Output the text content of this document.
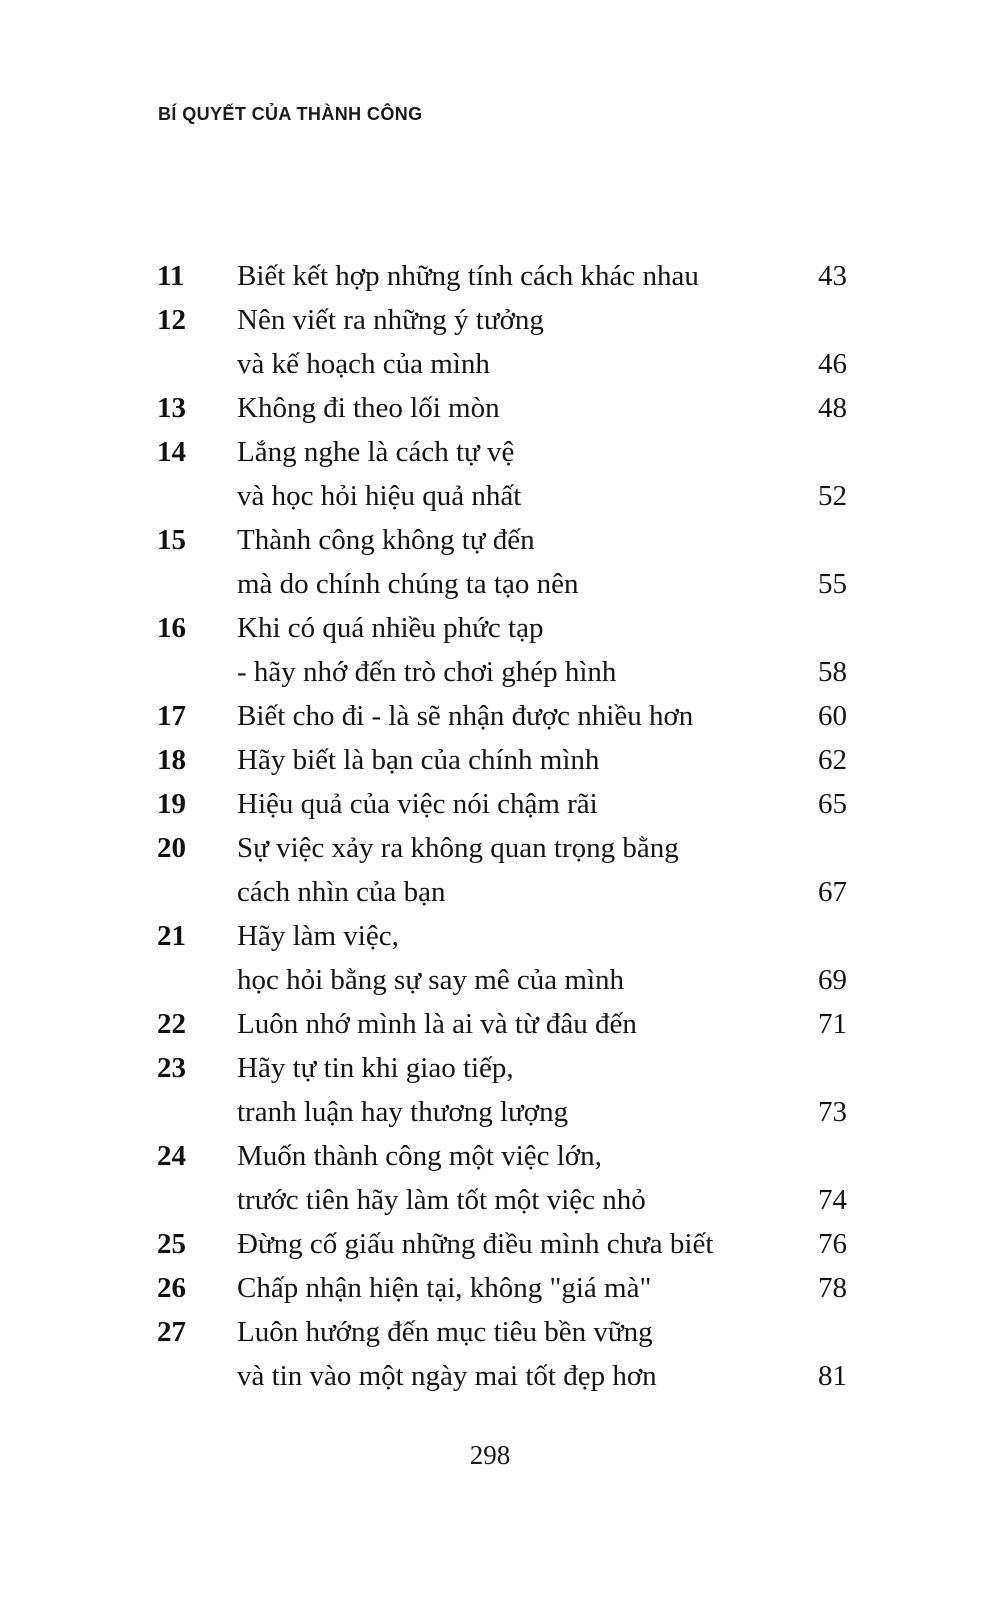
BÍ QUYẾT CỦA THÀNH CÔNG
11	Biết kết hợp những tính cách khác nhau	43
12	Nên viết ra những ý tưởng
và kế hoạch của mình	46
13	Không đi theo lối mòn	48
14	Lắng nghe là cách tự vệ
và học hỏi hiệu quả nhất	52
15	Thành công không tự đến
mà do chính chúng ta tạo nên	55
16	Khi có quá nhiều phức tạp
- hãy nhớ đến trò chơi ghép hình	58
17	Biết cho đi - là sẽ nhận được nhiều hơn	60
18	Hãy biết là bạn của chính mình	62
19	Hiệu quả của việc nói chậm rãi	65
20	Sự việc xảy ra không quan trọng bằng
cách nhìn của bạn	67
21	Hãy làm việc,
học hỏi bằng sự say mê của mình	69
22	Luôn nhớ mình là ai và từ đâu đến	71
23	Hãy tự tin khi giao tiếp,
tranh luận hay thương lượng	73
24	Muốn thành công một việc lớn,
trước tiên hãy làm tốt một việc nhỏ	74
25	Đừng cố giấu những điều mình chưa biết	76
26	Chấp nhận hiện tại, không "giá mà"	78
27	Luôn hướng đến mục tiêu bền vững
và tin vào một ngày mai tốt đẹp hơn	81
298
